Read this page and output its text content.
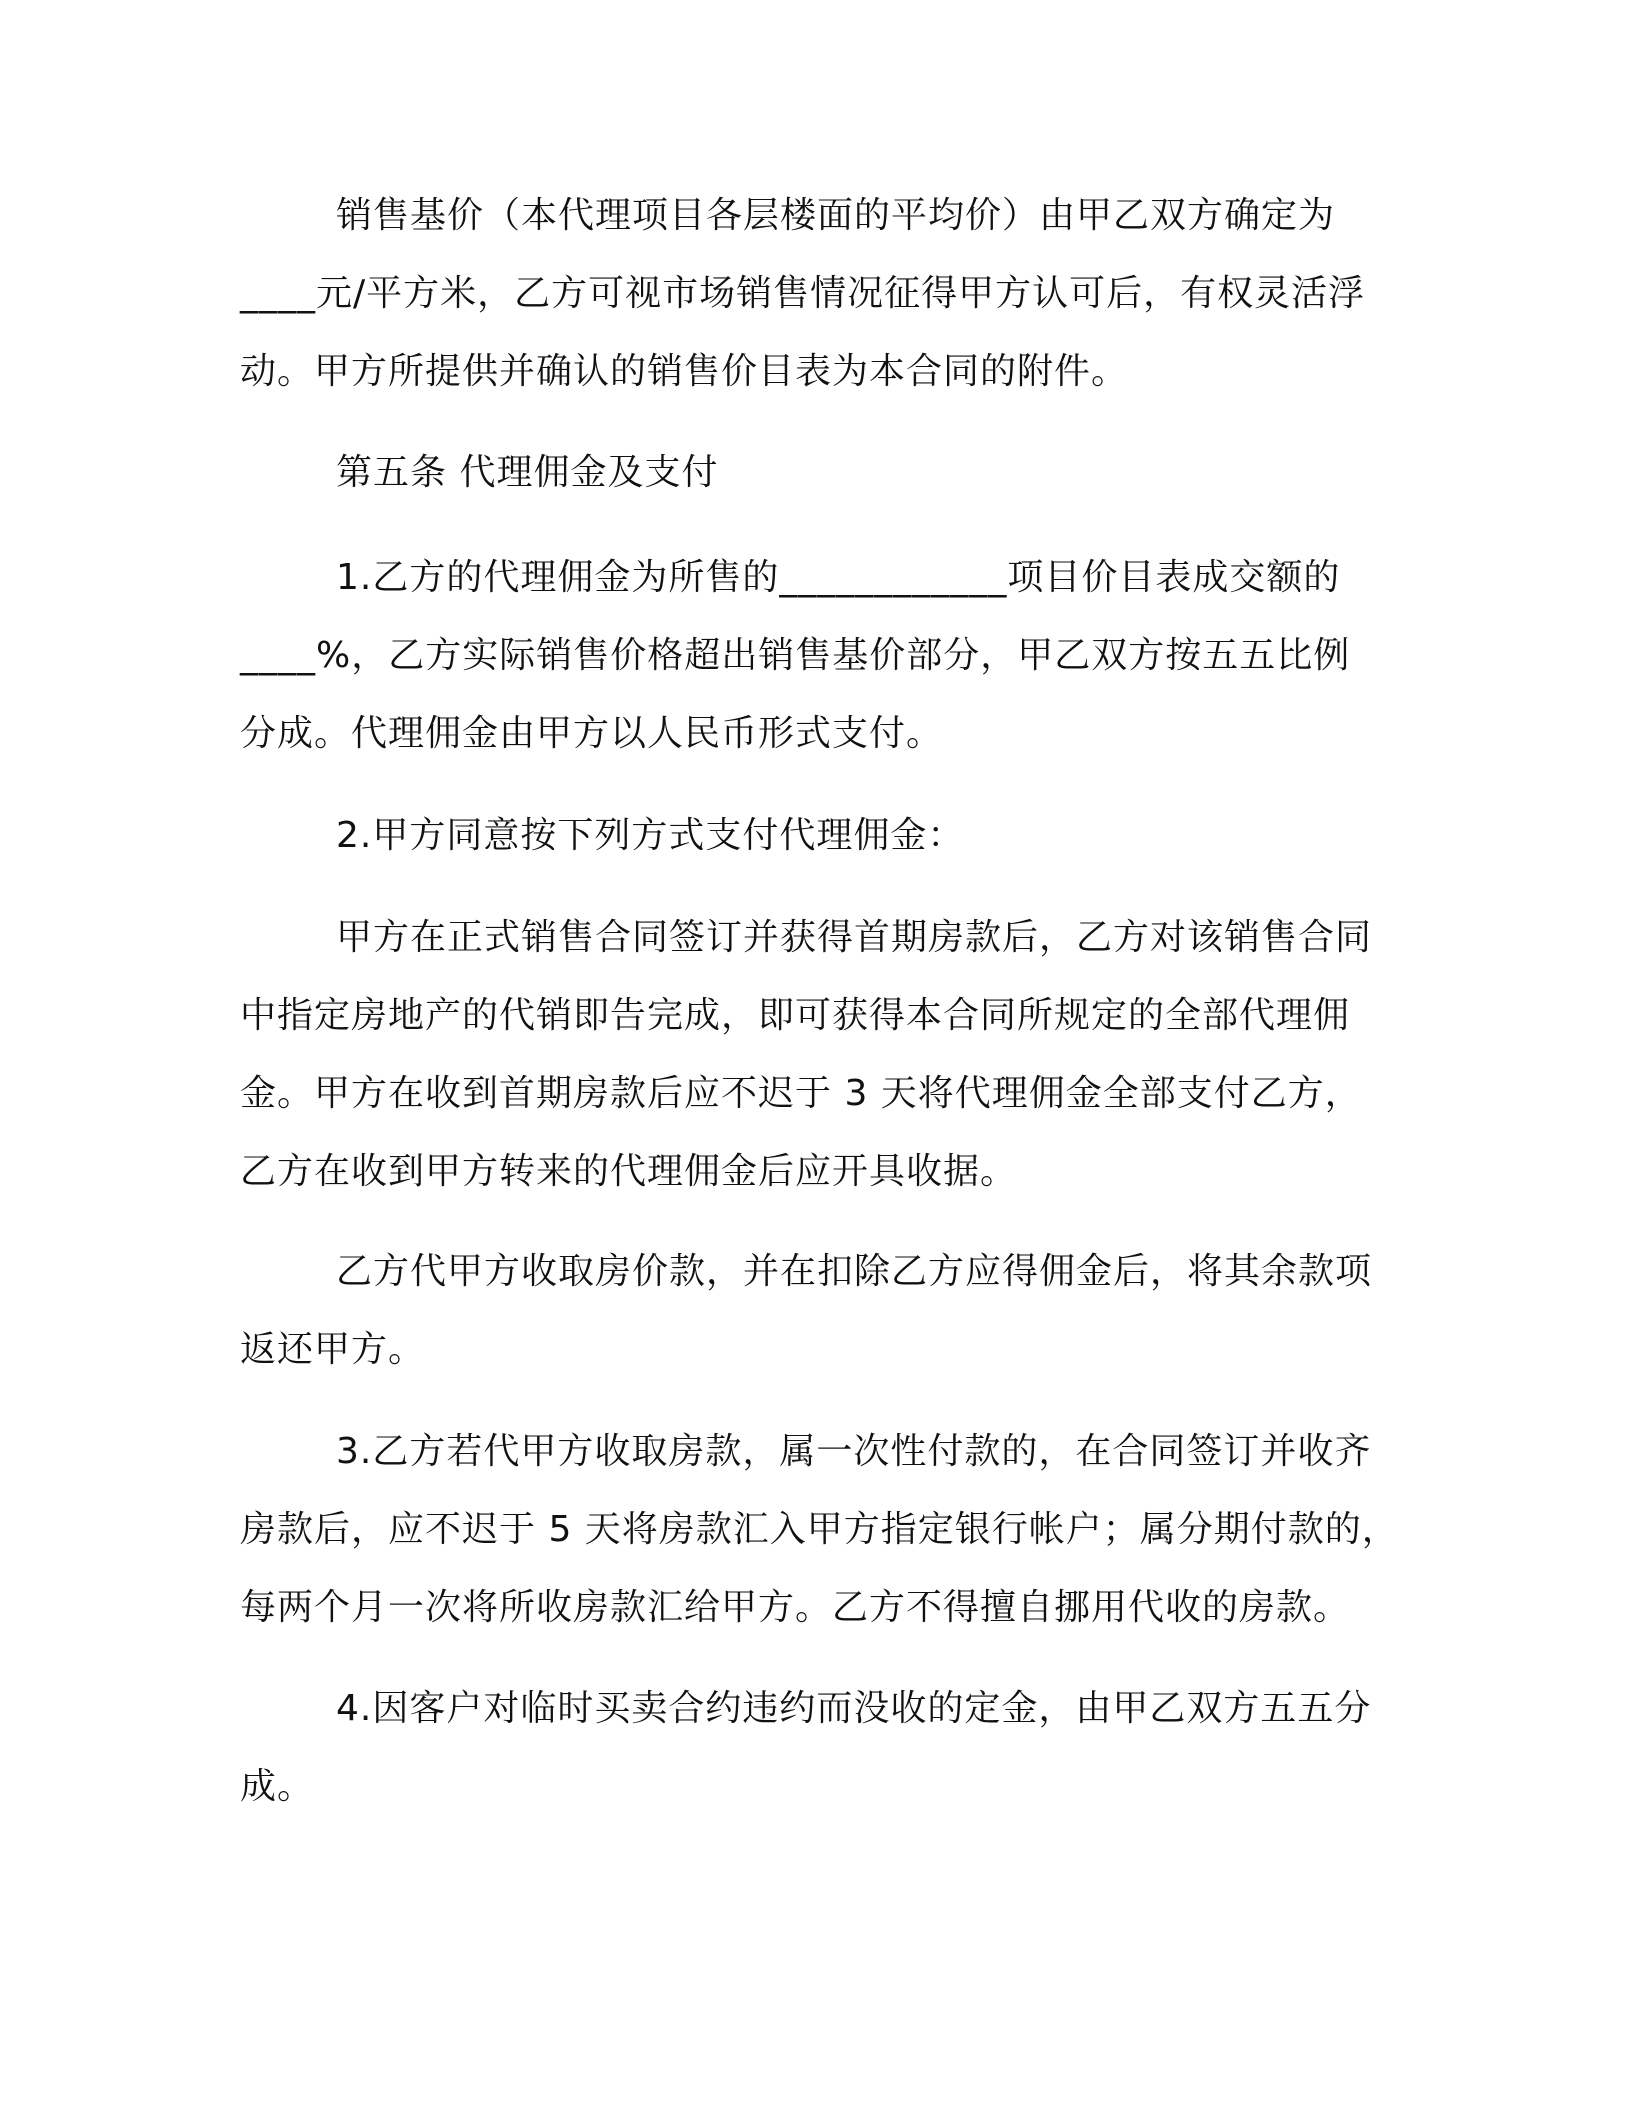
销售基价（本代理项目各层楼面的平均价）由甲乙双方确定为
____元/平方米，乙方可视市场销售情况征得甲方认可后，有权灵活浮
动。甲方所提供并确认的销售价目表为本合同的附件。
第五条 代理佣金及支付
1.乙方的代理佣金为所售的____________项目价目表成交额的
____%，乙方实际销售价格超出销售基价部分，甲乙双方按五五比例
分成。代理佣金由甲方以人民币形式支付。
2.甲方同意按下列方式支付代理佣金：
甲方在正式销售合同签订并获得首期房款后，乙方对该销售合同
中指定房地产的代销即告完成，即可获得本合同所规定的全部代理佣
金。甲方在收到首期房款后应不迟于 3 天将代理佣金全部支付乙方，
乙方在收到甲方转来的代理佣金后应开具收据。
乙方代甲方收取房价款，并在扣除乙方应得佣金后，将其余款项
返还甲方。
3.乙方若代甲方收取房款，属一次性付款的，在合同签订并收齐
房款后，应不迟于 5 天将房款汇入甲方指定银行帐户；属分期付款的，
每两个月一次将所收房款汇给甲方。乙方不得擅自挪用代收的房款。
4.因客户对临时买卖合约违约而没收的定金，由甲乙双方五五分
成。
